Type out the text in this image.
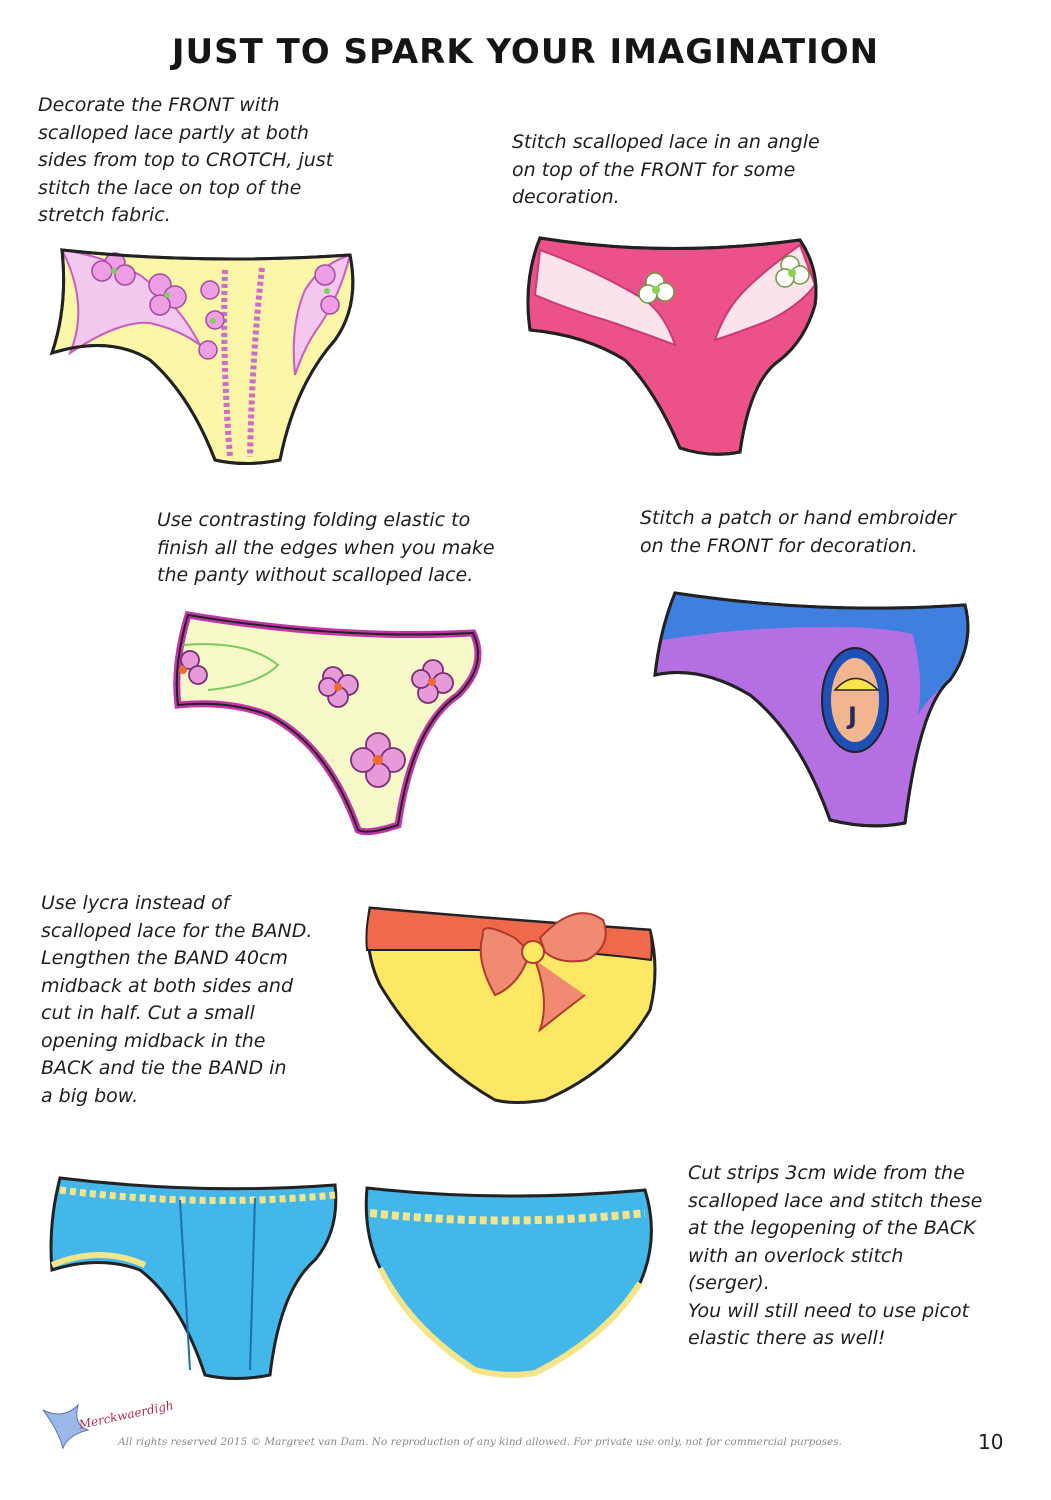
JUST TO SPARK YOUR IMAGINATION
Decorate the FRONT with
scalloped lace partly at both
sides from top to CROTCH, just
stitch the lace on top of the
stretch fabric.
Stitch scalloped lace in an angle
on top of the FRONT for some
decoration.
Use contrasting folding elastic to
finish all the edges when you make
the panty without scalloped lace.
Stitch a patch or hand embroider
on the FRONT for decoration.
Use lycra instead of
scalloped lace for the BAND.
Lengthen the BAND 40cm
midback at both sides and
cut in half. Cut a small
opening midback in the
BACK and tie the BAND in
a big bow.
Cut strips 3cm wide from the
scalloped lace and stitch these
at the legopening of the BACK
with an overlock stitch
(serger).
You will still need to use picot
elastic there as well!
J
Merckwaerdigh
All rights reserved 2015 © Margreet van Dam. No reproduction of any kind allowed. For private use only, not for commercial purposes.	10
